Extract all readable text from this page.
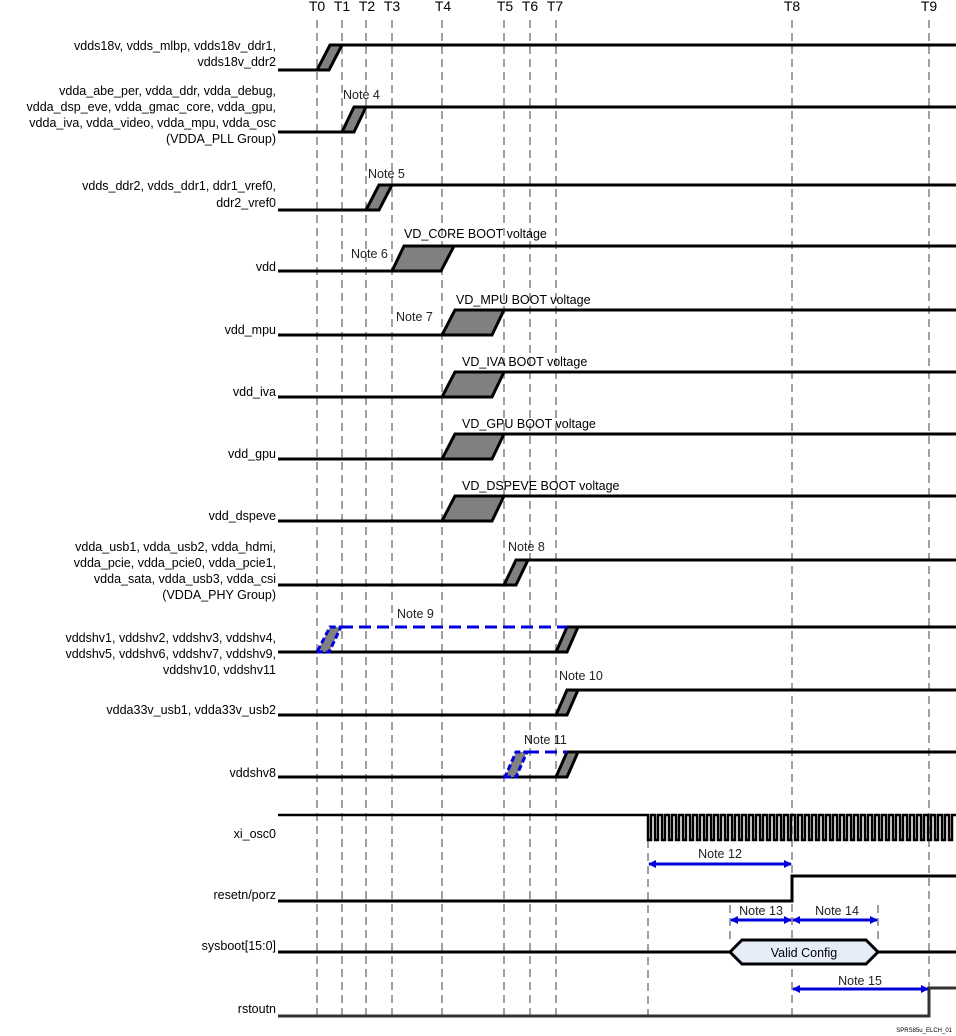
T0 T1 T2 T3 T4	T5 T6 T7	T8	T9
vdds18v, vdds_mlbp, vdds18v_ddr1,
vdds18v_ddr2
vdda_abe_per, vdda_ddr, vdda_debug,
vdda_dsp_eve, vdda_gmac_core, vdda_gpu,
vdda_iva, vdda_video, vdda_mpu, vdda_osc
(VDDA_PLL Group)
vdds_ddr2, vdds_ddr1, ddr1_vref0,
ddr2_vref0
vdd
vdd_mpu
vdd_iva
vdd_gpu
vdd_dspeve
vdda_usb1, vdda_usb2, vdda_hdmi,
vdda_pcie, vdda_pcie0, vdda_pcie1,
vdda_sata, vdda_usb3, vdda_csi
(VDDA_PHY Group)
vddshv1, vddshv2, vddshv3, vddshv4,
vddshv5, vddshv6, vddshv7, vddshv9,
vddshv10, vddshv11
vdda33v_usb1, vdda33v_usb2
vddshv8
xi_osc0
resetn/porz
sysboot[15:0]
rstoutn
Valid Config
VD_CORE BOOT voltage
VD_MPU BOOT voltage
VD_IVA BOOT voltage
VD_GPU BOOT voltage
VD_DSPEVE BOOT voltage
Note 4
Note 5
Note 6
Note 7
Note 8
Note 9
Note 10
Note 11
Note 12
Note 13	Note 14
Note 15
SPRS85u_ELCH_01
